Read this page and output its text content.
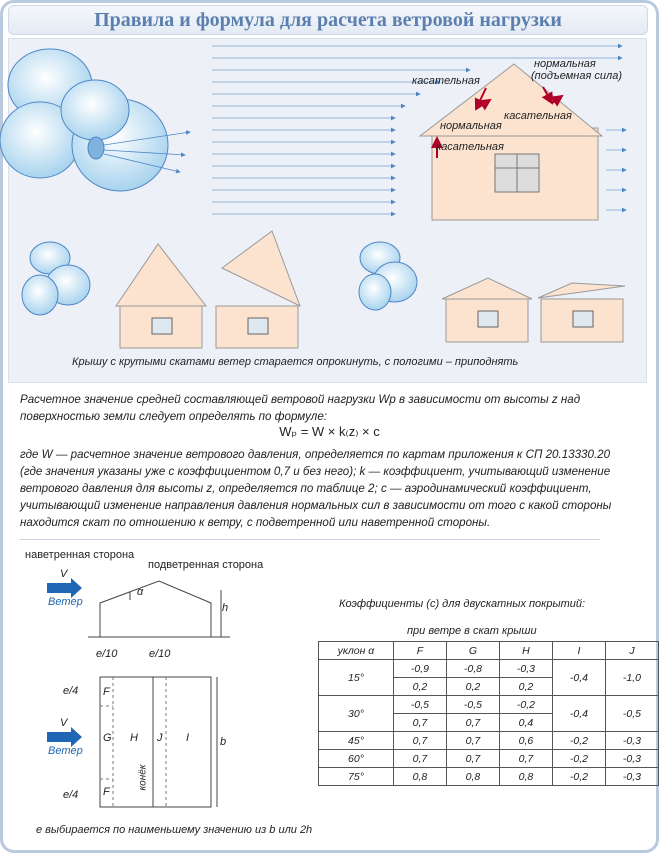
Правила и формула для расчета ветровой нагрузки
касательная
нормальная
(подъемная сила)
касательная
нормальная
касательная
Крышу с крутыми скатами ветер старается опрокинуть, с пологими – приподнять
Расчетное значение средней составляющей ветровой нагрузки Wp в зависимости от высоты z над
поверхностью земли следует определять по формуле:
Wₚ = W × k₍z₎ × c
где W — расчетное значение ветрового давления, определяется по картам приложения к СП 20.13330.20
(где значения указаны уже с коэффициентом 0,7 и без него); k — коэффициент, учитывающий изменение
ветрового давления для высоты z, определяется по таблице 2; c — аэродинамический коэффициент,
учитывающий изменение направления давления нормальных сил в зависимости от того с какой стороны
находится скат по отношению к ветру, с подветренной или наветренной стороны.
наветренная сторона
подветренная сторона
V
Ветер
α
h
e/10	e/10
e/4 F
V
Ветер
G H J I	b
конёк
e/4 F
e выбирается по наименьшему значению из b или 2h
Коэффициенты (с) для двускатных покрытий:
при ветре в скат крыши
уклон α	F	G	H	I	J
15°	-0,9	-0,8	-0,3	-0,4	-1,0
	0,2	0,2	0,2		
30°	-0,5	-0,5	-0,2	-0,4	-0,5
	0,7	0,7	0,4		
45°	0,7	0,7	0,6	-0,2	-0,3
60°	0,7	0,7	0,7	-0,2	-0,3
75°	0,8	0,8	0,8	-0,2	-0,3
